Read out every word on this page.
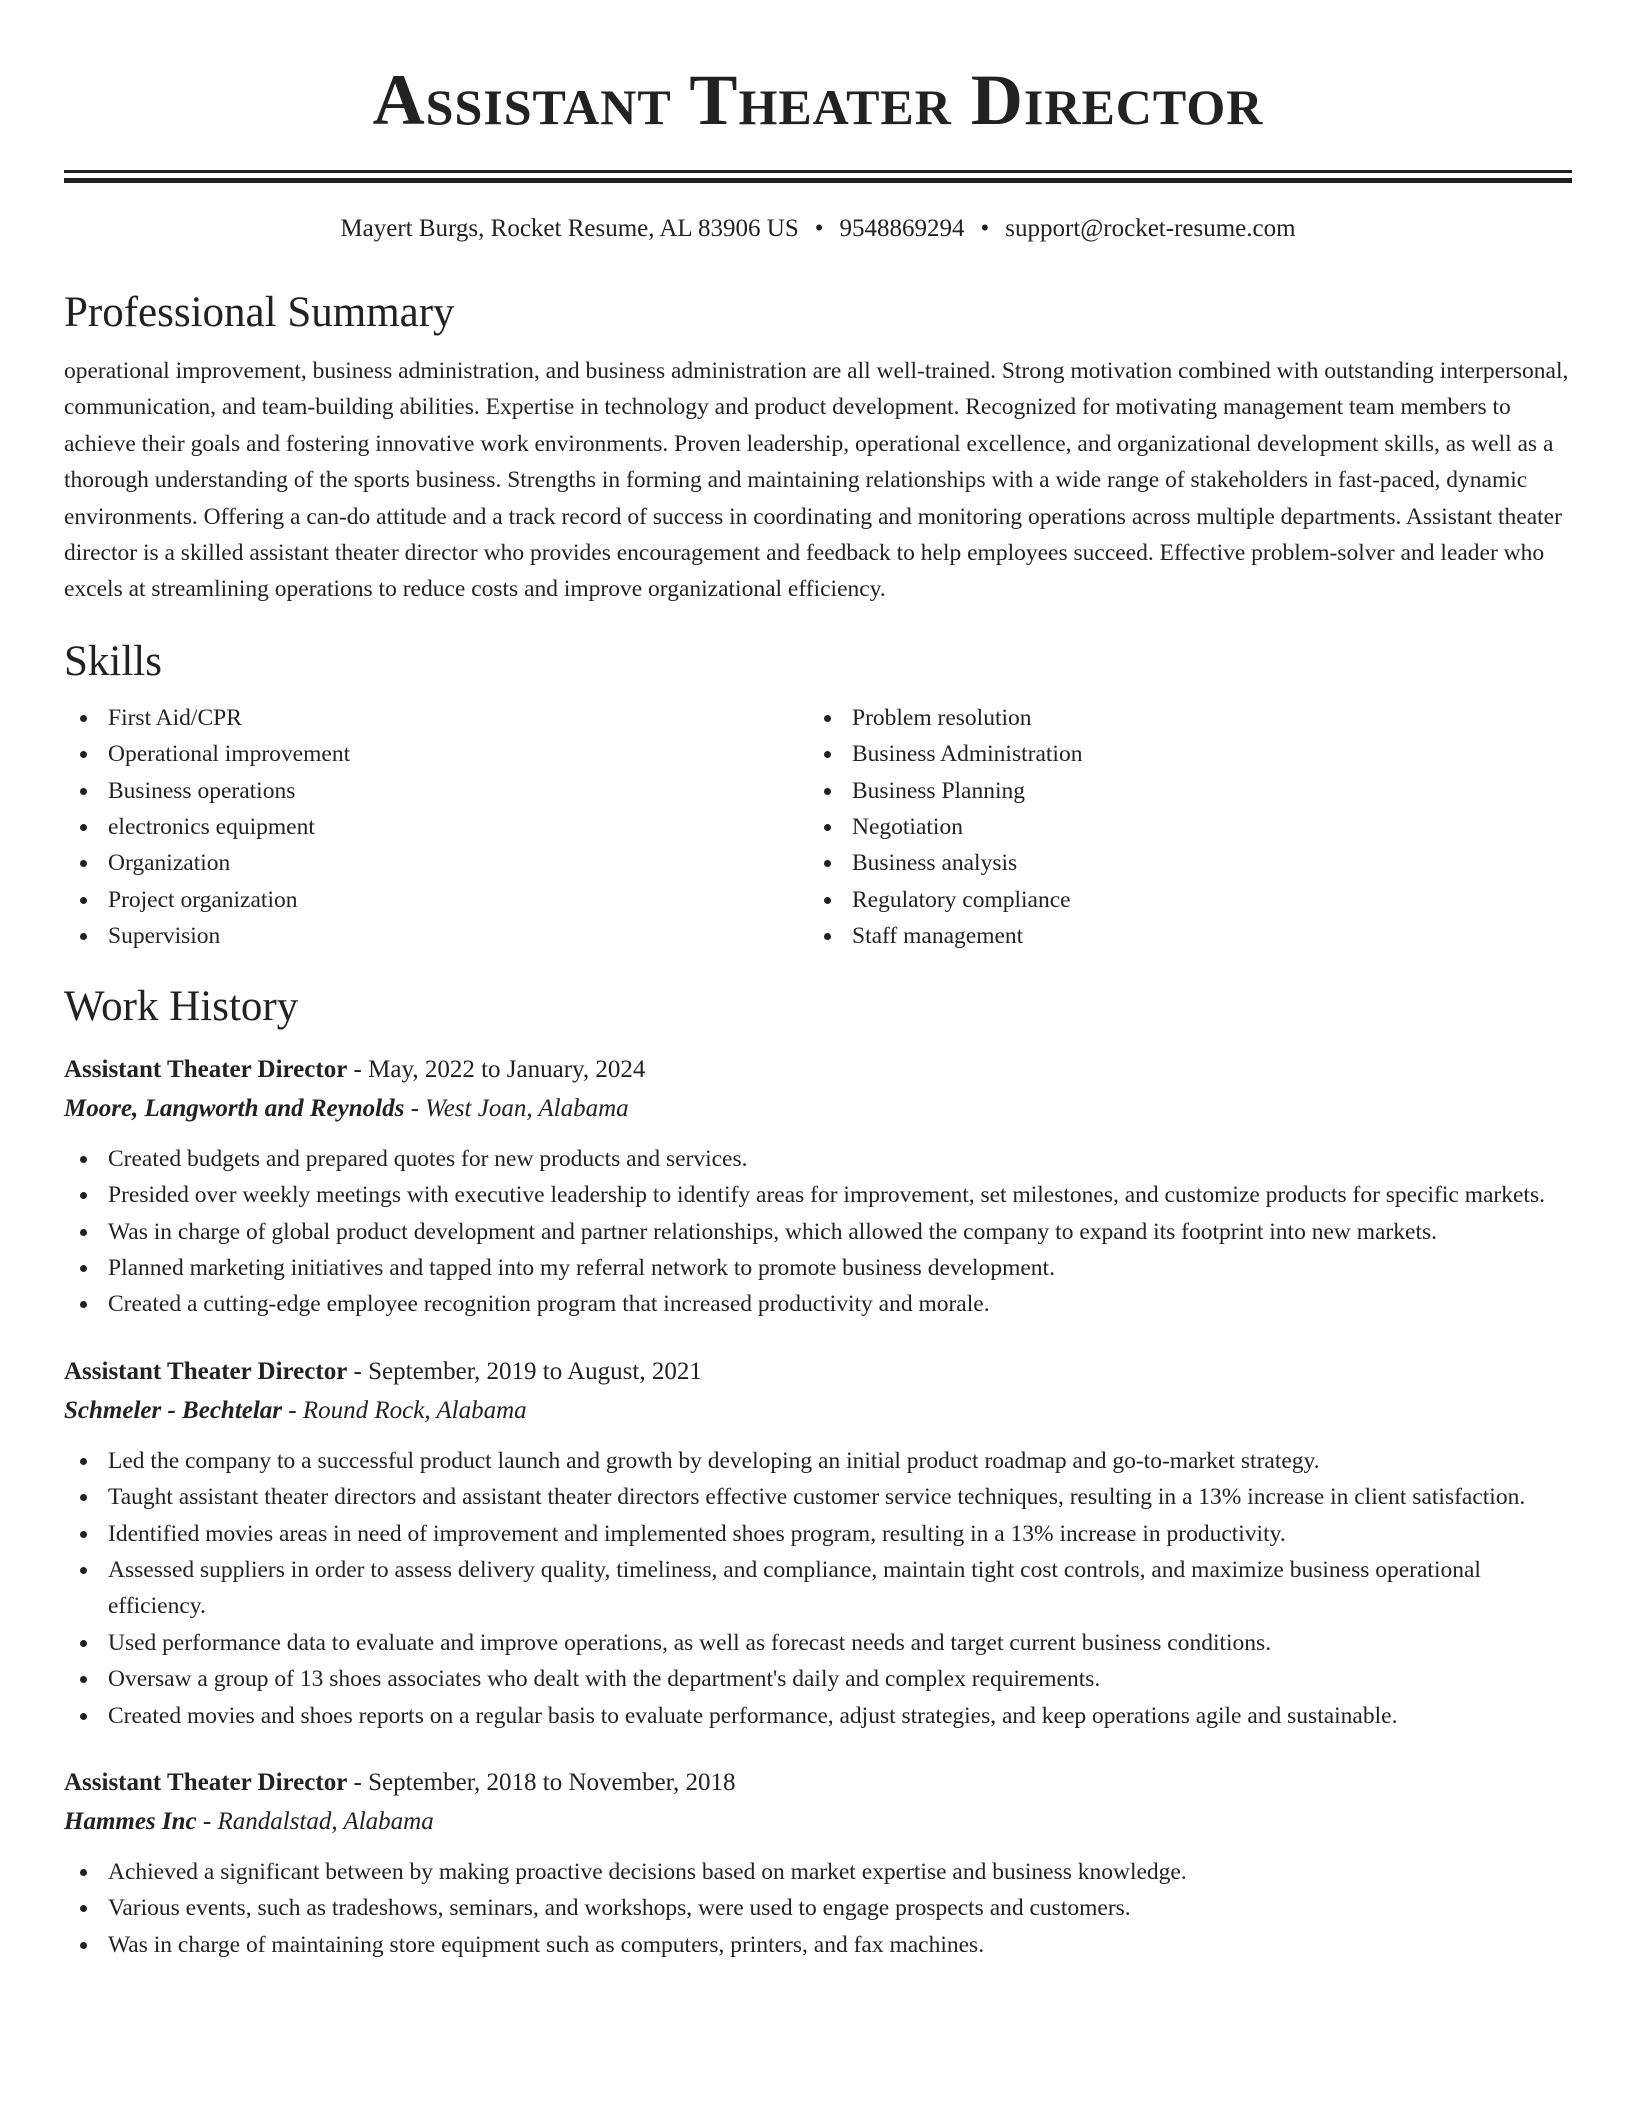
Assistant Theater Director
Mayert Burgs, Rocket Resume, AL 83906 US • 9548869294 • support@rocket-resume.com
Professional Summary

operational improvement, business administration, and business administration are all well-trained. Strong motivation combined with outstanding interpersonal, communication, and team-building abilities. Expertise in technology and product development. Recognized for motivating management team members to achieve their goals and fostering innovative work environments. Proven leadership, operational excellence, and organizational development skills, as well as a thorough understanding of the sports business. Strengths in forming and maintaining relationships with a wide range of stakeholders in fast-paced, dynamic environments. Offering a can-do attitude and a track record of success in coordinating and monitoring operations across multiple departments. Assistant theater director is a skilled assistant theater director who provides encouragement and feedback to help employees succeed. Effective problem-solver and leader who excels at streamlining operations to reduce costs and improve organizational efficiency.

Skills
First Aid/CPR
Operational improvement
Business operations
electronics equipment
Organization
Project organization
Supervision
Problem resolution
Business Administration
Business Planning
Negotiation
Business analysis
Regulatory compliance
Staff management
Work History
Assistant Theater Director - May, 2022 to January, 2024
Moore, Langworth and Reynolds - West Joan, Alabama
Created budgets and prepared quotes for new products and services.
Presided over weekly meetings with executive leadership to identify areas for improvement, set milestones, and customize products for specific markets.
Was in charge of global product development and partner relationships, which allowed the company to expand its footprint into new markets.
Planned marketing initiatives and tapped into my referral network to promote business development.
Created a cutting-edge employee recognition program that increased productivity and morale.
Assistant Theater Director - September, 2019 to August, 2021
Schmeler - Bechtelar - Round Rock, Alabama
Led the company to a successful product launch and growth by developing an initial product roadmap and go-to-market strategy.
Taught assistant theater directors and assistant theater directors effective customer service techniques, resulting in a 13% increase in client satisfaction.
Identified movies areas in need of improvement and implemented shoes program, resulting in a 13% increase in productivity.
Assessed suppliers in order to assess delivery quality, timeliness, and compliance, maintain tight cost controls, and maximize business operational efficiency.
Used performance data to evaluate and improve operations, as well as forecast needs and target current business conditions.
Oversaw a group of 13 shoes associates who dealt with the department's daily and complex requirements.
Created movies and shoes reports on a regular basis to evaluate performance, adjust strategies, and keep operations agile and sustainable.
Assistant Theater Director - September, 2018 to November, 2018
Hammes Inc - Randalstad, Alabama
Achieved a significant between by making proactive decisions based on market expertise and business knowledge.
Various events, such as tradeshows, seminars, and workshops, were used to engage prospects and customers.
Was in charge of maintaining store equipment such as computers, printers, and fax machines.
